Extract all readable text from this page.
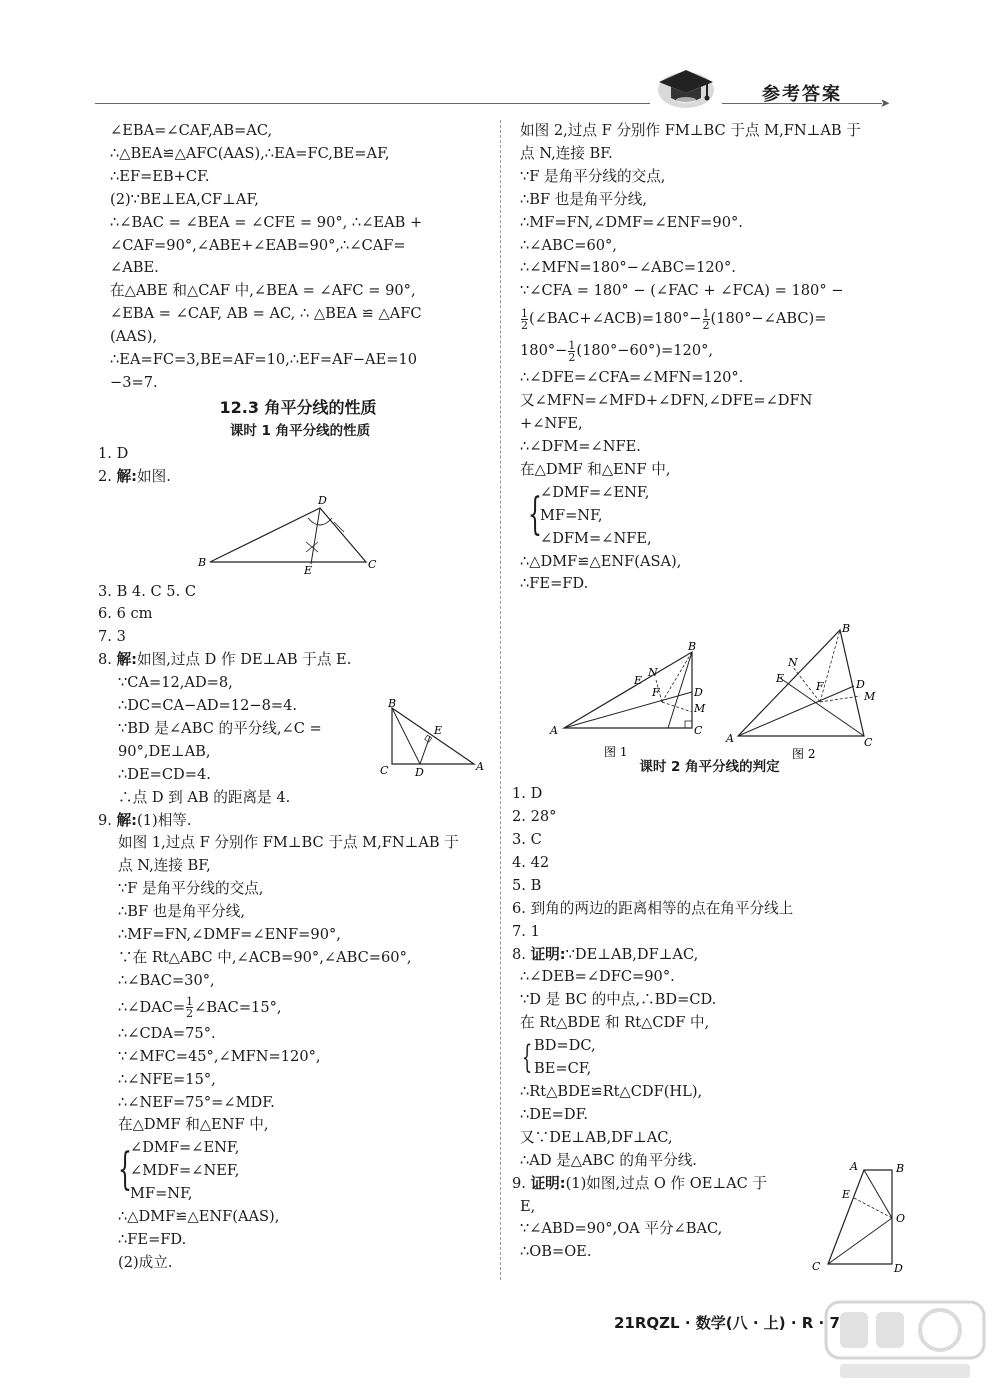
➤
参考答案
∠EBA=∠CAF,AB=AC,
∴△BEA≌△AFC(AAS),∴EA=FC,BE=AF,
∴EF=EB+CF.
(2)∵BE⊥EA,CF⊥AF,
∴∠BAC = ∠BEA = ∠CFE = 90°, ∴∠EAB +
∠CAF=90°,∠ABE+∠EAB=90°,∴∠CAF=
∠ABE.
在△ABE 和△CAF 中,∠BEA = ∠AFC = 90°,
∠EBA = ∠CAF, AB = AC, ∴ △BEA ≌ △AFC
(AAS),
∴EA=FC=3,BE=AF=10,∴EF=AF−AE=10
−3=7.
12.3 角平分线的性质
课时 1 角平分线的性质
1. D
2. 解:如图.
3. B 4. C 5. C
6. 6 cm
7. 3
8. 解:如图,过点 D 作 DE⊥AB 于点 E.
∵CA=12,AD=8,
∴DC=CA−AD=12−8=4.
∵BD 是∠ABC 的平分线,∠C =
90°,DE⊥AB,
∴DE=CD=4.
∴点 D 到 AB 的距离是 4.
9. 解:(1)相等.
如图 1,过点 F 分别作 FM⊥BC 于点 M,FN⊥AB 于
点 N,连接 BF,
∵F 是角平分线的交点,
∴BF 也是角平分线,
∴MF=FN,∠DMF=∠ENF=90°,
∵在 Rt△ABC 中,∠ACB=90°,∠ABC=60°,
∴∠BAC=30°,
∴∠DAC= $\frac{1}{2}$ ∠BAC=15°,
∴∠CDA=75°.
∵∠MFC=45°,∠MFN=120°,
∴∠NFE=15°,
∴∠NEF=75°=∠MDF.
在△DMF 和△ENF 中,
{
∠DMF=∠ENF,
∠MDF=∠NEF,
MF=NF,
∴△DMF≌△ENF(AAS),
∴FE=FD.
(2)成立.
D
B
E	C
B
E
C D	A
如图 2,过点 F 分别作 FM⊥BC 于点 M,FN⊥AB 于
点 N,连接 BF.
∵F 是角平分线的交点,
∴BF 也是角平分线,
∴MF=FN,∠DMF=∠ENF=90°.
∴∠ABC=60°,
∴∠MFN=180°−∠ABC=120°.
∵∠CFA = 180° − (∠FAC + ∠FCA) = 180° −
$\frac{1}{2}$ (∠BAC+∠ACB)=180°− $\frac{1}{2}$ (180°−∠ABC)=
$180^\circ- \frac{1}{2} (180^\circ-60^\circ)=120^\circ$,
∴∠DFE=∠CFA=∠MFN=120°.
又∠MFN=∠MFD+∠DFN,∠DFE=∠DFN
+∠NFE,
∴∠DFM=∠NFE.
在△DMF 和△ENF 中,
{
∠DMF=∠ENF,
MF=NF,
∠DFM=∠NFE,
∴△DMF≌△ENF(ASA),
∴FE=FD.
课时 2 角平分线的判定
1. D
2. 28°
3. C
4. 42
5. B
6. 到角的两边的距离相等的点在角平分线上
7. 1
8. 证明:∵DE⊥AB,DF⊥AC,
∴∠DEB=∠DFC=90°.
∵D 是 BC 的中点,∴BD=CD.
在 Rt△BDE 和 Rt△CDF 中,
{ BD=DC,
BE=CF,
∴Rt△BDE≌Rt△CDF(HL),
∴DE=DF.
又∵DE⊥AB,DF⊥AC,
∴AD 是△ABC 的角平分线.
9. 证明:(1)如图,过点 O 作 OE⊥AC 于
E,
∵∠ABD=90°,OA 平分∠BAC,
∴OB=OE.
B
N
E
F	D
M
A	C
图 1
B
N
E
F	D
M
A	C
图 2
A	B
E
O
C	D
21RQZL · 数学(八 · 上) · R · 7
